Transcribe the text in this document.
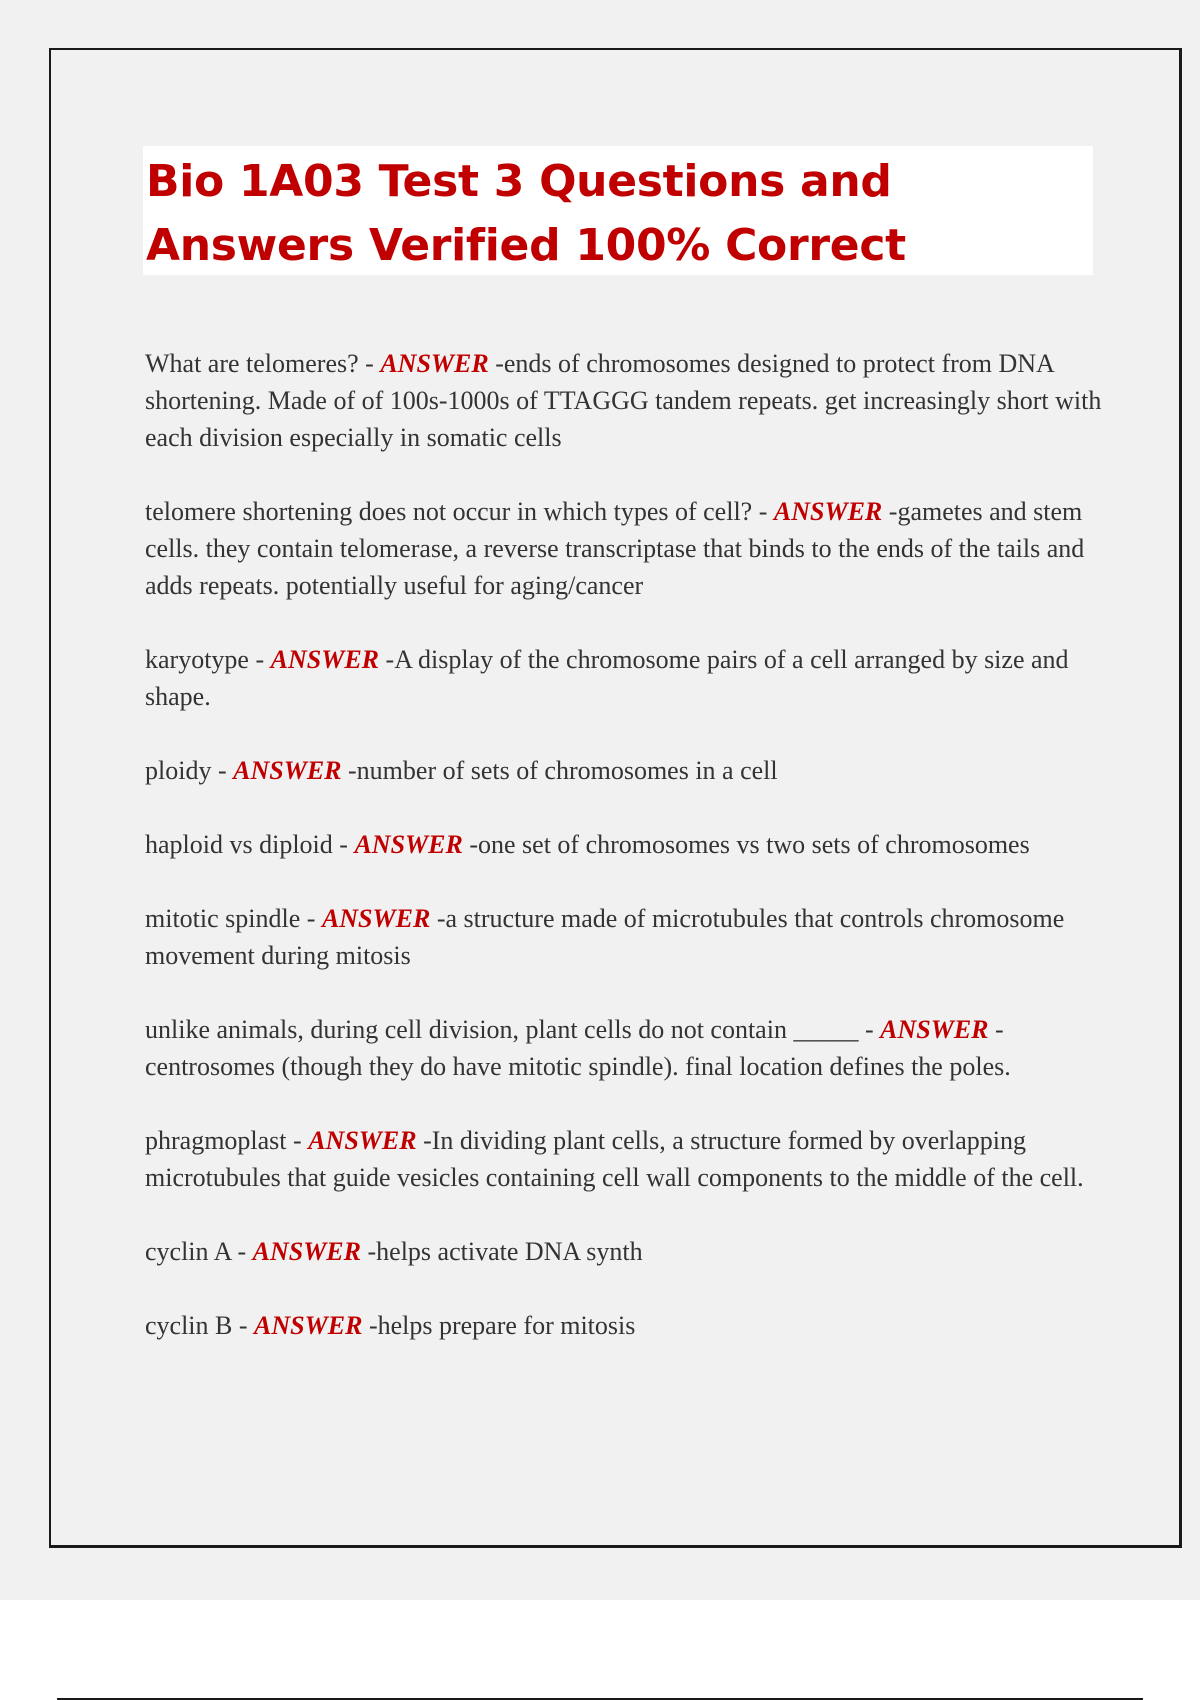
Bio 1A03 Test 3 Questions and Answers Verified 100% Correct

What are telomeres? - ANSWER -ends of chromosomes designed to protect from DNA shortening. Made of of 100s-1000s of TTAGGG tandem repeats. get increasingly short with each division especially in somatic cells

telomere shortening does not occur in which types of cell? - ANSWER -gametes and stem cells. they contain telomerase, a reverse transcriptase that binds to the ends of the tails and adds repeats. potentially useful for aging/cancer

karyotype - ANSWER -A display of the chromosome pairs of a cell arranged by size and shape.

ploidy - ANSWER -number of sets of chromosomes in a cell

haploid vs diploid - ANSWER -one set of chromosomes vs two sets of chromosomes

mitotic spindle - ANSWER -a structure made of microtubules that controls chromosome movement during mitosis

unlike animals, during cell division, plant cells do not contain _____ - ANSWER -centrosomes (though they do have mitotic spindle). final location defines the poles.

phragmoplast - ANSWER -In dividing plant cells, a structure formed by overlapping microtubules that guide vesicles containing cell wall components to the middle of the cell.

cyclin A - ANSWER -helps activate DNA synth

cyclin B - ANSWER -helps prepare for mitosis
